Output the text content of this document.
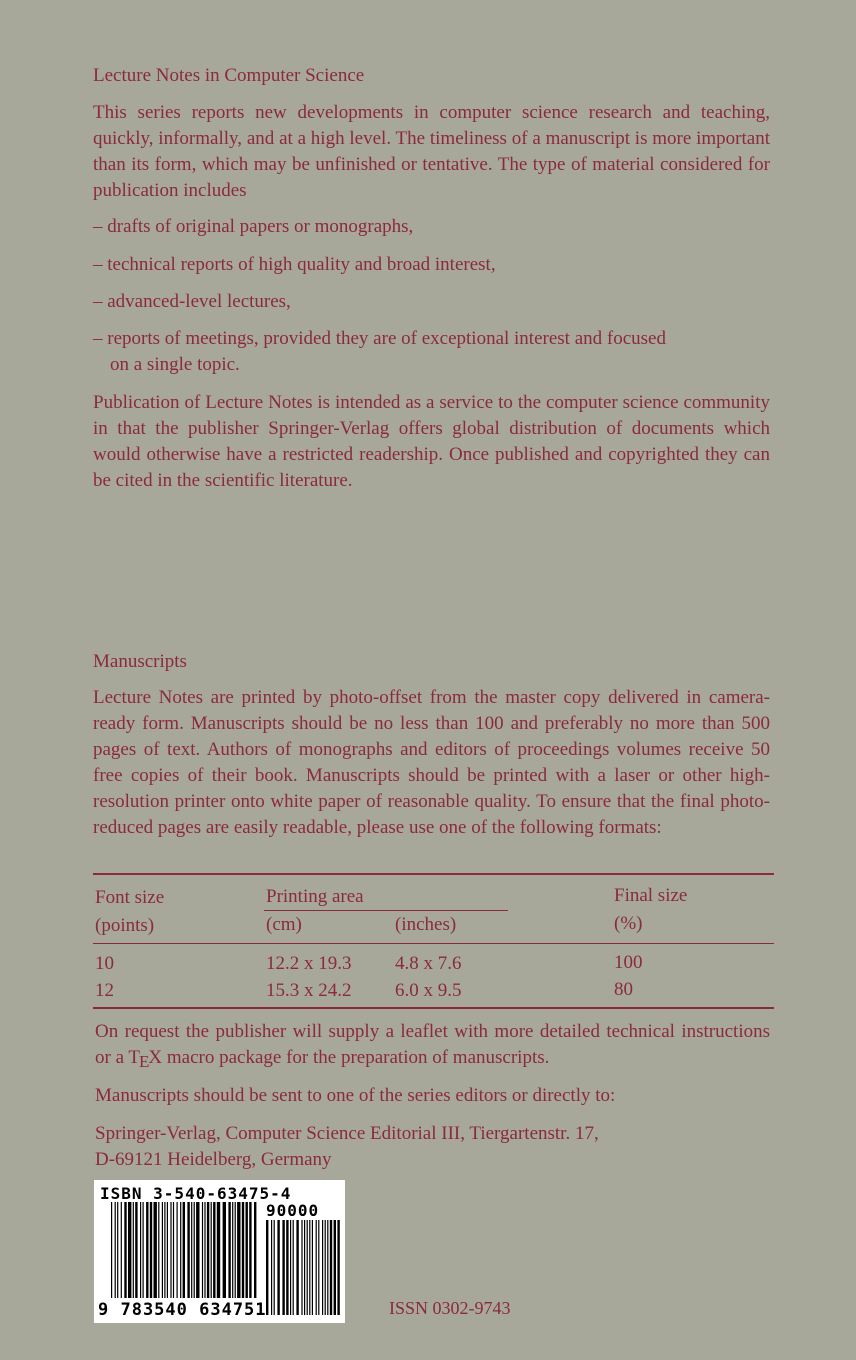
Lecture Notes in Computer Science

This series reports new developments in computer science research and teaching, quickly, informally, and at a high level. The timeliness of a manuscript is more important than its form, which may be unfinished or tentative. The type of material considered for publication includes

– drafts of original papers or monographs,

– technical reports of high quality and broad interest,

– advanced-level lectures,

– reports of meetings, provided they are of exceptional interest and focused
on a single topic.

Publication of Lecture Notes is intended as a service to the computer science community in that the publisher Springer-Verlag offers global distribution of documents which would otherwise have a restricted readership. Once published and copyrighted they can be cited in the scientific literature.

Manuscripts

Lecture Notes are printed by photo-offset from the master copy delivered in camera-ready form. Manuscripts should be no less than 100 and preferably no more than 500 pages of text. Authors of monographs and editors of proceedings volumes receive 50 free copies of their book. Manuscripts should be printed with a laser or other high-resolution printer onto white paper of reasonable quality. To ensure that the final photo-reduced pages are easily readable, please use one of the following formats:

Font size	Printing area	Final size
(points)	(cm)	(inches)	(%)
10	12.2 x 19.3 4.8 x 7.6	100
12	15.3 x 24.2 6.0 x 9.5	80

On request the publisher will supply a leaflet with more detailed technical instructions or a TEX macro package for the preparation of manuscripts.

Manuscripts should be sent to one of the series editors or directly to:

Springer-Verlag, Computer Science Editorial III, Tiergartenstr. 17,

D-69121 Heidelberg, Germany

ISBN 3-540-63475-4
90000
9 783540 634751	ISSN 0302-9743
